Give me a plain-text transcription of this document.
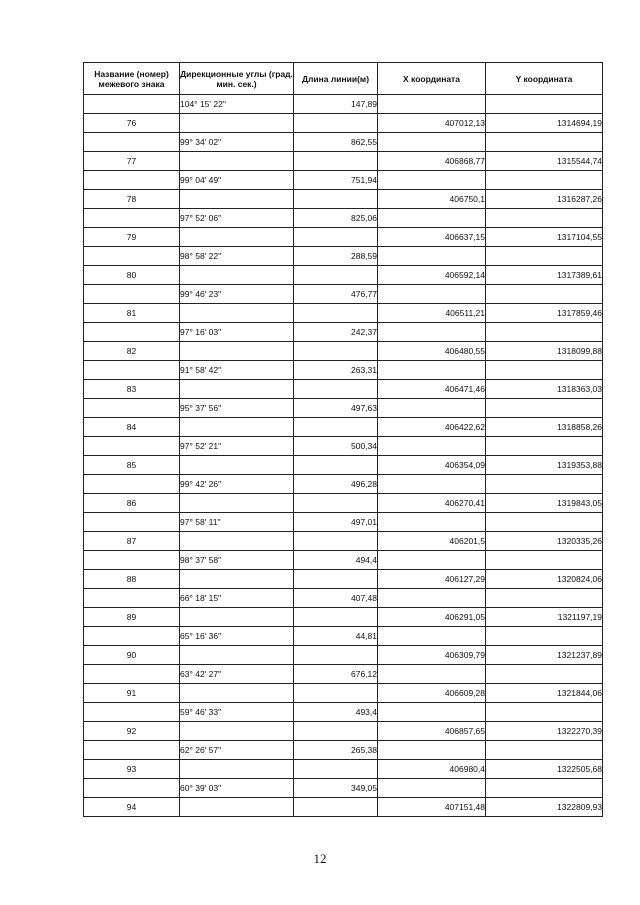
Название (номер) межевого знака	Дирекционные углы (град. мин. сек.)	Длина линии(м)	X координата	Y координата
	104° 15' 22"	147,89		
76			407012,13	1314694,19
	99° 34' 02"	862,55		
77			406868,77	1315544,74
	99° 04' 49"	751,94		
78			406750,1	1316287,26
	97° 52' 06"	825,06		
79			406637,15	1317104,55
	98° 58' 22"	288,59		
80			406592,14	1317389,61
	99° 46' 23"	476,77		
81			406511,21	1317859,46
	97° 16' 03"	242,37		
82			406480,55	1318099,88
	91° 58' 42"	263,31		
83			406471,46	1318363,03
	95° 37' 56"	497,63		
84			406422,62	1318858,26
	97° 52' 21"	500,34		
85			406354,09	1319353,88
	99° 42' 26"	496,28		
86			406270,41	1319843,05
	97° 58' 11"	497,01		
87			406201,5	1320335,26
	98° 37' 58"	494,4		
88			406127,29	1320824,06
	66° 18' 15"	407,48		
89			406291,05	1321197,19
	65° 16' 36"	44,81		
90			406309,79	1321237,89
	63° 42' 27"	676,12		
91			406609,28	1321844,06
	59° 46' 33"	493,4		
92			406857,65	1322270,39
	62° 26' 57"	265,38		
93			406980,4	1322505,68
	60° 39' 03"	349,05		
94			407151,48	1322809,93
12
